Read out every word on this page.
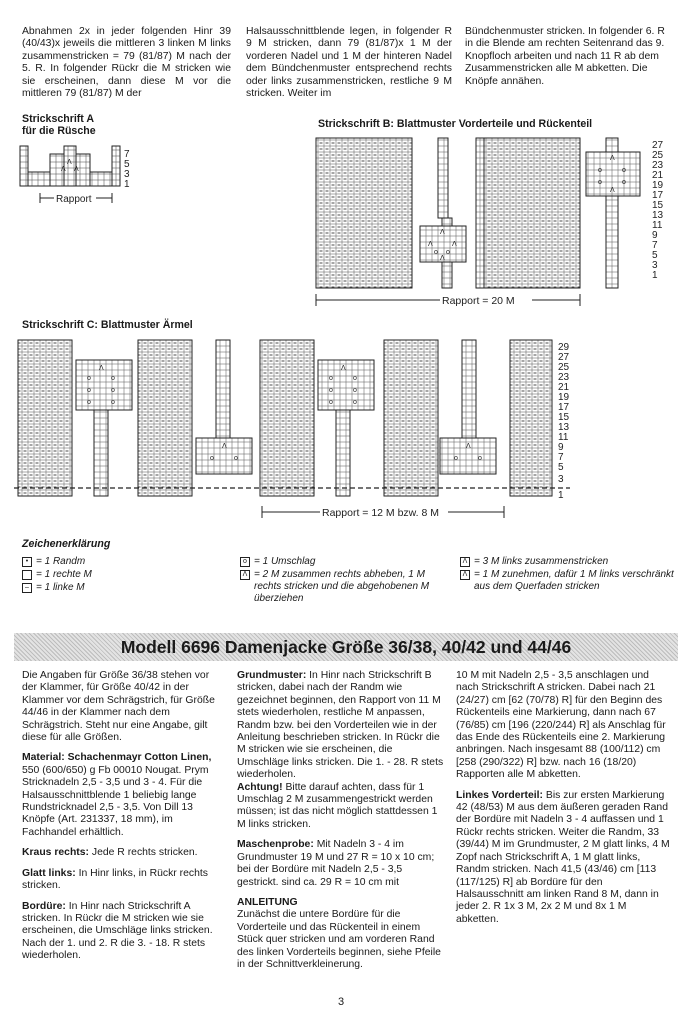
Abnahmen 2x in jeder folgenden Hinr 39 (40/43)x jeweils die mittleren 3 linken M links zusammenstricken = 79 (81/87) M nach der 5. R. In folgender Rückr die M stricken wie sie erscheinen, dann diese M vor die mittleren 79 (81/87) M der
Halsausschnittblende legen, in folgender R 9 M stricken, dann 79 (81/87)x 1 M der vorderen Nadel und 1 M der hinteren Nadel dem Bündchenmuster entsprechend rechts oder links zusammenstricken, restliche 9 M stricken. Weiter im
Bündchenmuster stricken. In folgender 6. R in die Blende am rechten Seitenrand das 9. Knopfloch arbeiten und nach 11 R ab dem Zusammenstricken alle M abketten. Die Knöpfe annähen.
Strickschrift A
für die Rüsche
Λ
Λ
Λ
7
5
3
1
Rapport
Strickschrift B: Blattmuster Vorderteile und Rückenteil
Λ
Λ	Λ
o o
Λ
Λ
o	o
o	o
Λ
27
25
23
21
19
17
15
13
11
9
7
5
3
1
Rapport = 20 M
Strickschrift C: Blattmuster Ärmel
Λ
o	o
o	o
o	o
Λ
o	o
Λ
o	o
o	o
o	o
Λ
o	o
29
27
25
23
21
19
17
15
13
11
9
7
5
3
1
Rapport = 12 M bzw. 8 M
Zeichenerklärung
• = 1 Randm
= 1 rechte M
– = 1 linke M
o = 1 Umschlag
Λ = 2 M zusammen rechts abheben, 1 M rechts stricken und die abgehobenen M überziehen
Λ = 3 M links zusammenstricken
Λ = 1 M zunehmen, dafür 1 M links verschränkt aus dem Querfaden stricken
Modell 6696 Damenjacke Größe 36/38, 40/42 und 44/46

Die Angaben für Größe 36/38 stehen vor der Klammer, für Größe 40/42 in der Klammer vor dem Schrägstrich, für Größe 44/46 in der Klammer nach dem Schrägstrich. Steht nur eine Angabe, gilt diese für alle Größen.

Material: Schachenmayr Cotton Linen,

550 (600/650) g Fb 00010 Nougat. Prym Stricknadeln 2,5 - 3,5 und 3 - 4. Für die Halsausschnittblende 1 beliebig lange Rundstricknadel 2,5 - 3,5. Von Dill 13 Knöpfe (Art. 231337, 18 mm), im Fachhandel erhältlich.

Kraus rechts: Jede R rechts stricken.

Glatt links: In Hinr links, in Rückr rechts stricken.

Bordüre: In Hinr nach Strickschrift A stricken. In Rückr die M stricken wie sie erscheinen, die Umschläge links stricken. Nach der 1. und 2. R die 3. - 18. R stets wiederholen.

Grundmuster: In Hinr nach Strickschrift B stricken, dabei nach der Randm wie gezeichnet beginnen, den Rapport von 11 M stets wiederholen, restliche M anpassen, Randm bzw. bei den Vorderteilen wie in der Anleitung beschrieben stricken. In Rückr die M stricken wie sie erscheinen, die Umschläge links stricken. Die 1. - 28. R stets wiederholen.

Achtung! Bitte darauf achten, dass für 1 Umschlag 2 M zusammengestrickt werden müssen; ist das nicht möglich stattdessen 1 M links stricken.

Maschenprobe: Mit Nadeln 3 - 4 im Grundmuster 19 M und 27 R = 10 x 10 cm; bei der Bordüre mit Nadeln 2,5 - 3,5 gestrickt. sind ca. 29 R = 10 cm mit

ANLEITUNG

Zunächst die untere Bordüre für die Vorderteile und das Rückenteil in einem Stück quer stricken und am vorderen Rand des linken Vorderteils beginnen, siehe Pfeile in der Schnittverkleinerung.

10 M mit Nadeln 2,5 - 3,5 anschlagen und nach Strickschrift A stricken. Dabei nach 21 (24/27) cm [62 (70/78) R] für den Beginn des Rückenteils eine Markierung, dann nach 67 (76/85) cm [196 (220/244) R] als Anschlag für das Ende des Rückenteils eine 2. Markierung anbringen. Nach insgesamt 88 (100/112) cm [258 (290/322) R] bzw. nach 16 (18/20) Rapporten alle M abketten.

Linkes Vorderteil: Bis zur ersten Markierung 42 (48/53) M aus dem äußeren geraden Rand der Bordüre mit Nadeln 3 - 4 auffassen und 1 Rückr rechts stricken. Weiter die Randm, 33 (39/44) M im Grundmuster, 2 M glatt links, 4 M Zopf nach Strickschrift A, 1 M glatt links, Randm stricken. Nach 41,5 (43/46) cm [113 (117/125) R] ab Bordüre für den Halsausschnitt am linken Rand 8 M, dann in jeder 2. R 1x 3 M, 2x 2 M und 8x 1 M abketten.

3
